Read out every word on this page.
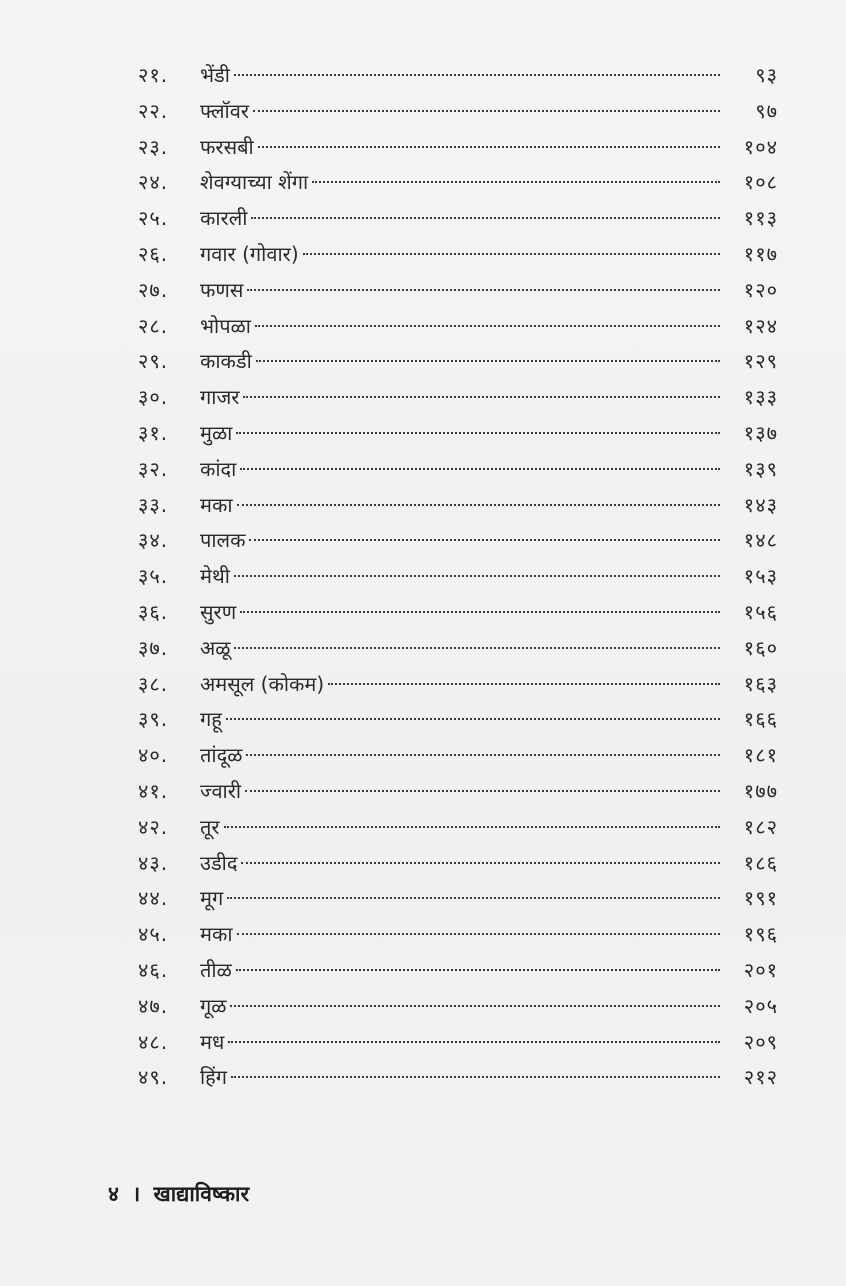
२१.	भेंडी	९३
२२.	फ्लॉवर	९७
२३.	फरसबी	१०४
२४.	शेवग्याच्या शेंगा	१०८
२५.	कारली	११३
२६.	गवार (गोवार)	११७
२७.	फणस	१२०
२८.	भोपळा	१२४
२९.	काकडी	१२९
३०.	गाजर	१३३
३१.	मुळा	१३७
३२.	कांदा	१३९
३३.	मका	१४३
३४.	पालक	१४८
३५.	मेथी	१५३
३६.	सुरण	१५६
३७.	अळू	१६०
३८.	अमसूल (कोकम)	१६३
३९.	गहू	१६६
४०.	तांदूळ	१८१
४१.	ज्वारी	१७७
४२.	तूर	१८२
४३.	उडीद	१८६
४४.	मूग	१९१
४५.	मका	१९६
४६.	तीळ	२०१
४७.	गूळ	२०५
४८.	मध	२०९
४९.	हिंग	२१२
४ । खाद्याविष्कार
